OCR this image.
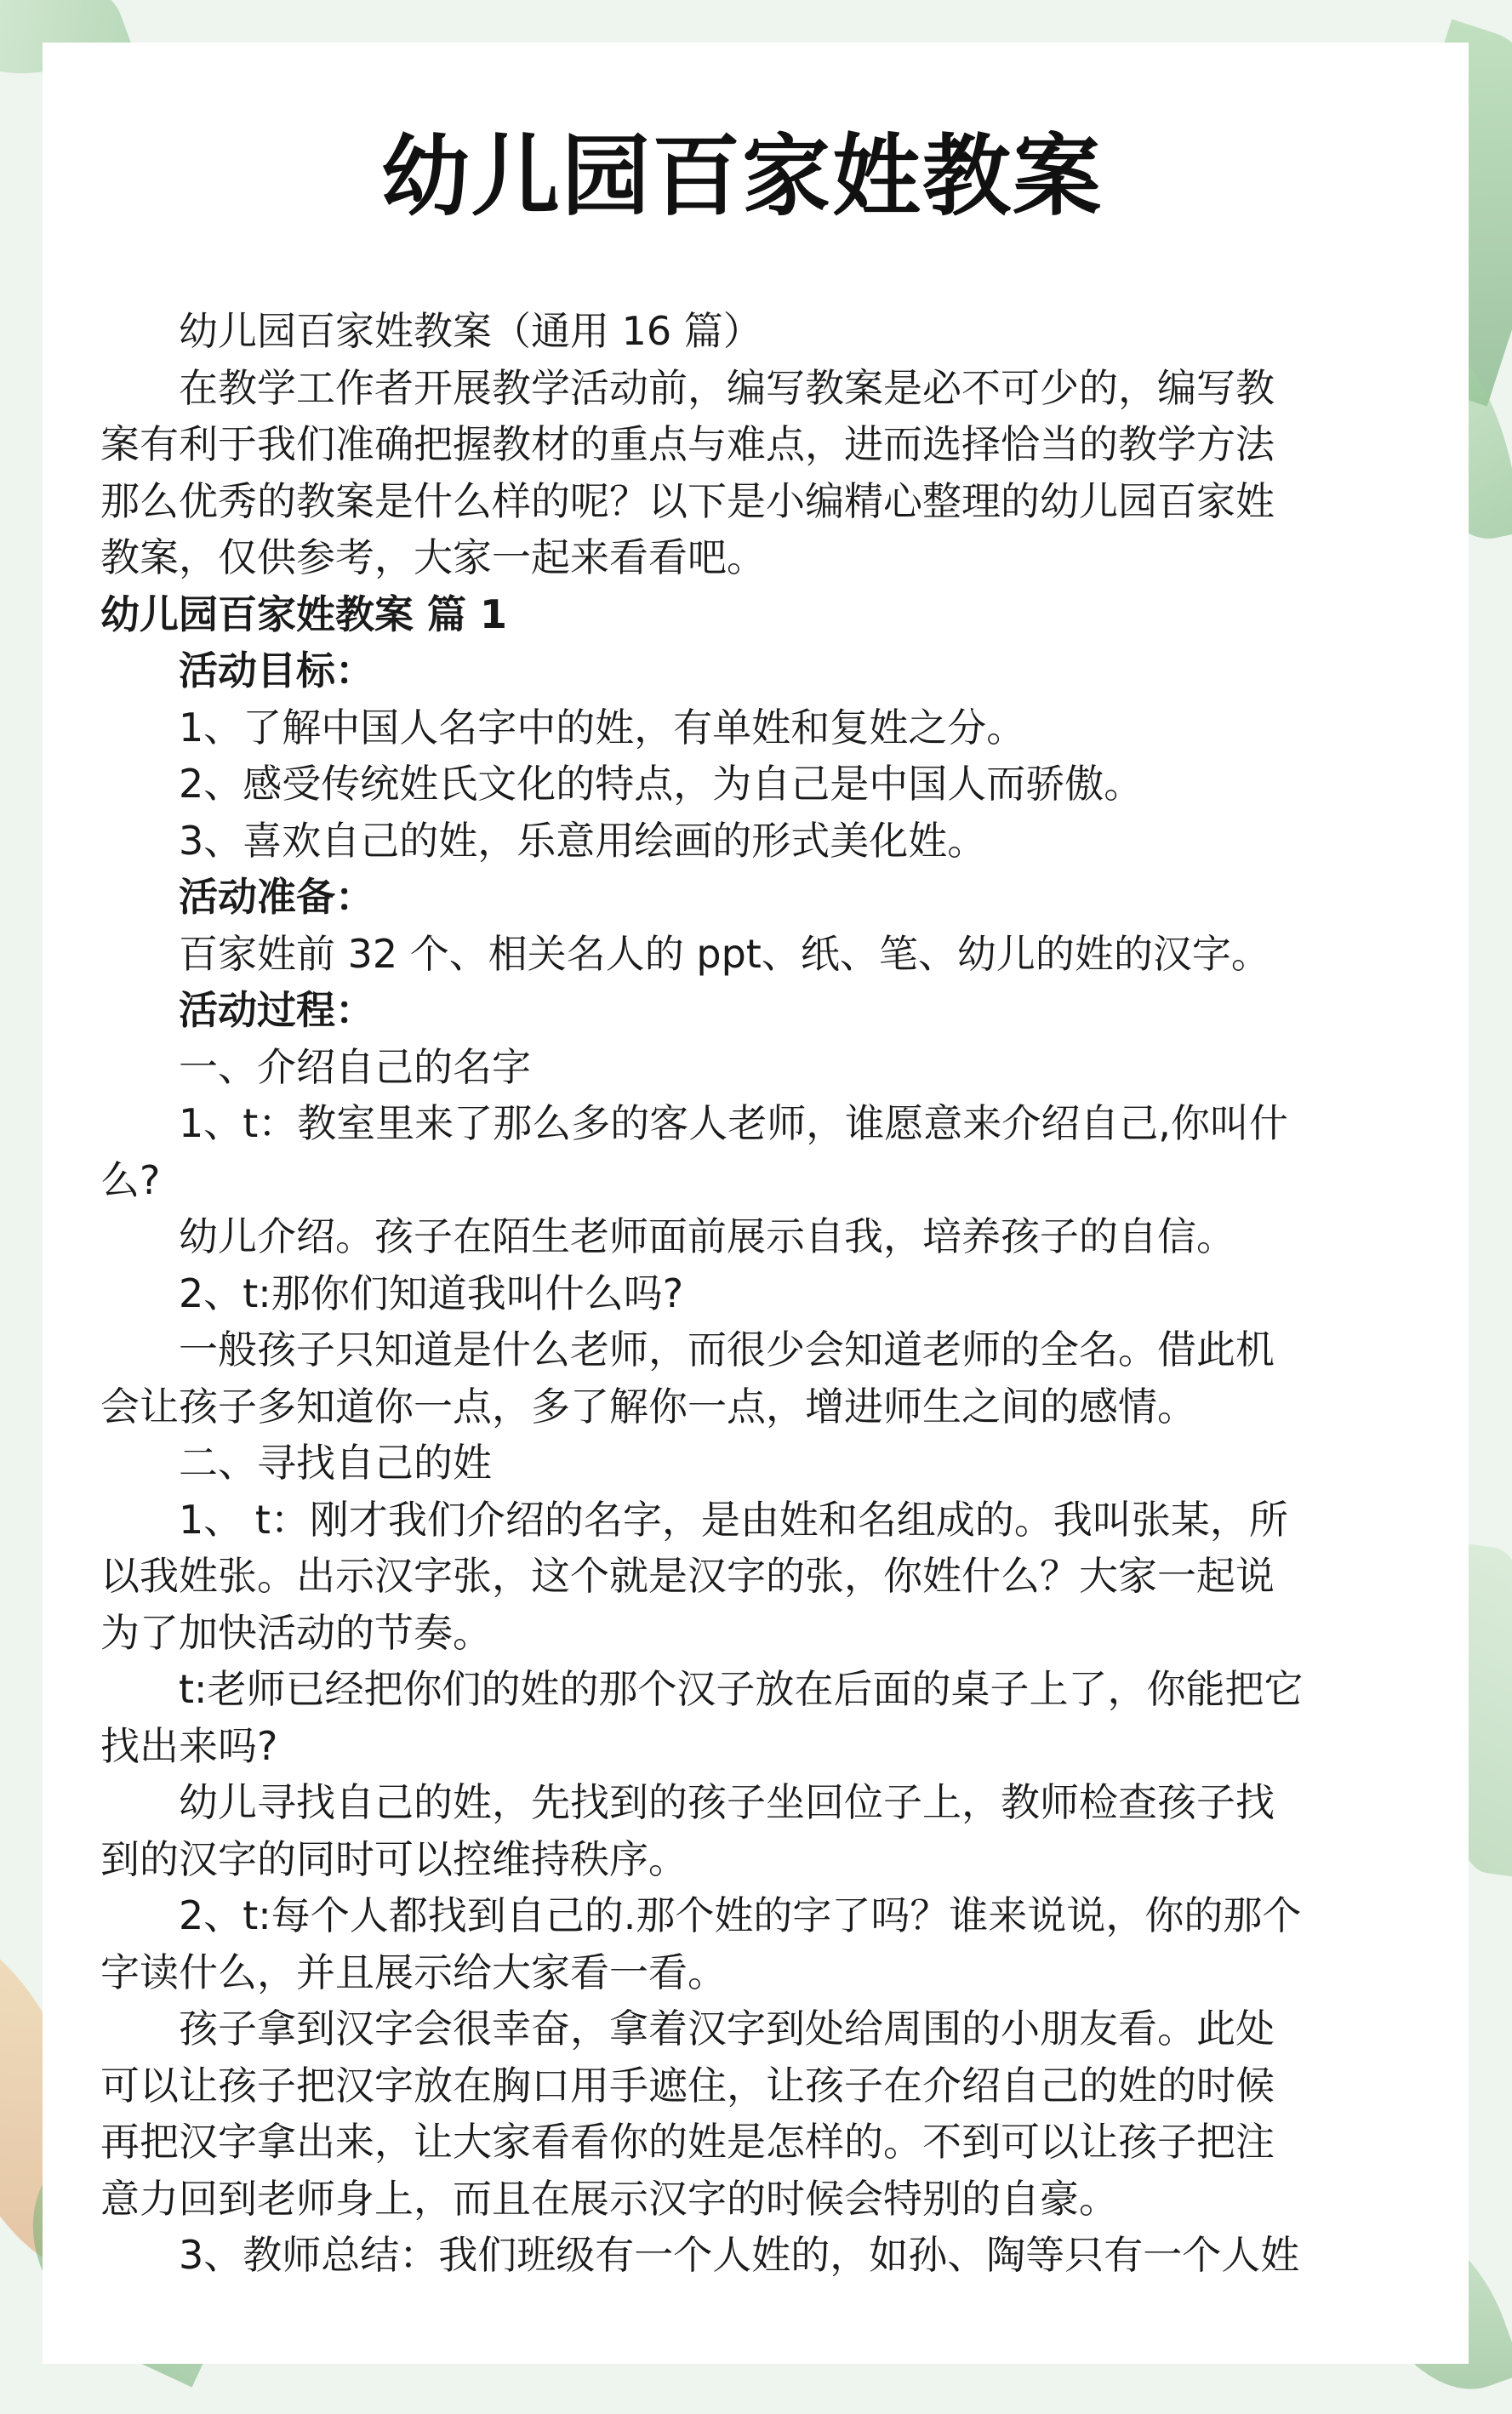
幼儿园百家姓教案

幼儿园百家姓教案（通用 16 篇）

在教学工作者开展教学活动前，编写教案是必不可少的，编写教

案有利于我们准确把握教材的重点与难点，进而选择恰当的教学方法

那么优秀的教案是什么样的呢？以下是小编精心整理的幼儿园百家姓

教案，仅供参考，大家一起来看看吧。

幼儿园百家姓教案 篇 1

活动目标：

1、了解中国人名字中的姓，有单姓和复姓之分。

2、感受传统姓氏文化的特点，为自己是中国人而骄傲。

3、喜欢自己的姓，乐意用绘画的形式美化姓。

活动准备：

百家姓前 32 个、相关名人的 ppt、纸、笔、幼儿的姓的汉字。

活动过程：

一、介绍自己的名字

1、t：教室里来了那么多的客人老师，谁愿意来介绍自己,你叫什

么?

幼儿介绍。孩子在陌生老师面前展示自我，培养孩子的自信。

2、t:那你们知道我叫什么吗?

一般孩子只知道是什么老师，而很少会知道老师的全名。借此机

会让孩子多知道你一点，多了解你一点，增进师生之间的感情。

二、寻找自己的姓

1、 t：刚才我们介绍的名字，是由姓和名组成的。我叫张某，所

以我姓张。出示汉字张，这个就是汉字的张，你姓什么？大家一起说

为了加快活动的节奏。

t:老师已经把你们的姓的那个汉子放在后面的桌子上了，你能把它

找出来吗?

幼儿寻找自己的姓，先找到的孩子坐回位子上，教师检查孩子找

到的汉字的同时可以控维持秩序。

2、t:每个人都找到自己的.那个姓的字了吗？谁来说说，你的那个

字读什么，并且展示给大家看一看。

孩子拿到汉字会很幸奋，拿着汉字到处给周围的小朋友看。此处

可以让孩子把汉字放在胸口用手遮住，让孩子在介绍自己的姓的时候

再把汉字拿出来，让大家看看你的姓是怎样的。不到可以让孩子把注

意力回到老师身上，而且在展示汉字的时候会特别的自豪。

3、教师总结：我们班级有一个人姓的，如孙、陶等只有一个人姓
